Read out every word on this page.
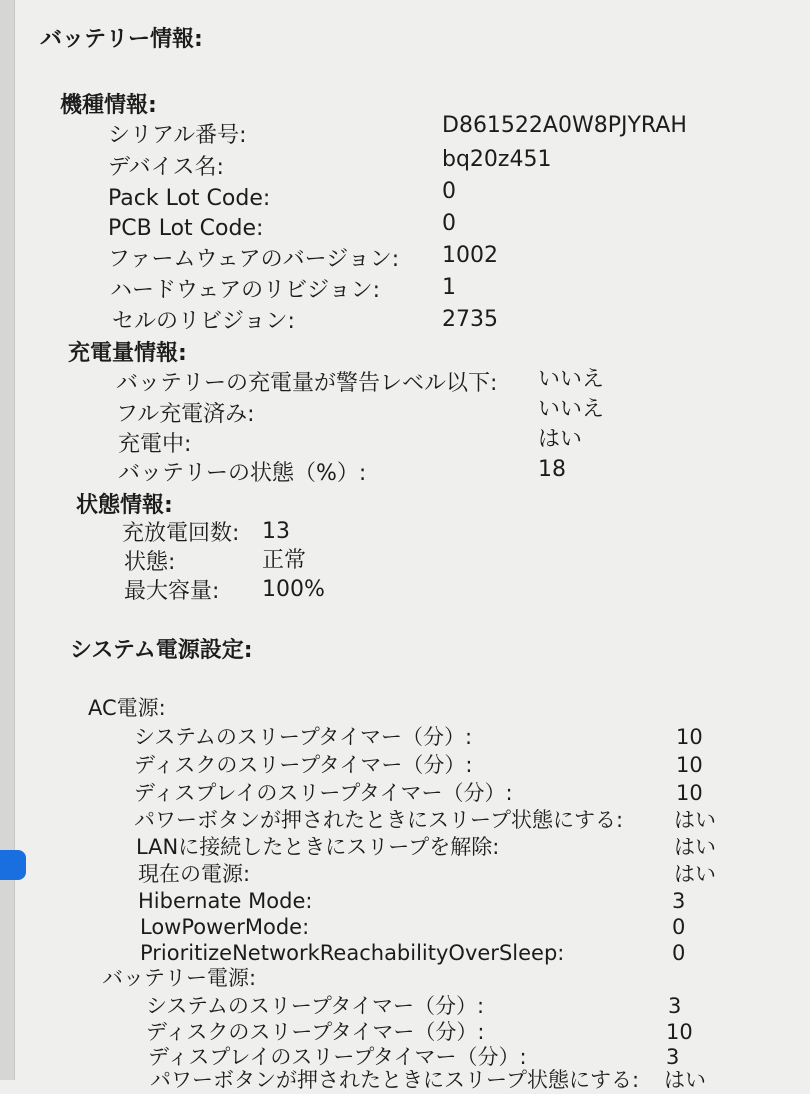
バッテリー情報:
機種情報:
シリアル番号:	D861522A0W8PJYRAH
デバイス名:	bq20z451
Pack Lot Code:	0
PCB Lot Code:	0
ファームウェアのバージョン: 1002
ハードウェアのリビジョン:	1
セルのリビジョン:	2735
充電量情報:
バッテリーの充電量が警告レベル以下: いいえ
フル充電済み:	いいえ
充電中:	はい
バッテリーの状態（%）:	18
状態情報:
充放電回数: 13
状態:	正常
最大容量: 100%
システム電源設定:
AC電源:
システムのスリープタイマー（分）:	10
ディスクのスリープタイマー（分）:	10
ディスプレイのスリープタイマー（分）:	10
パワーボタンが押されたときにスリープ状態にする: はい
LANに接続したときにスリープを解除:	はい
現在の電源:	はい
Hibernate Mode:	3
LowPowerMode:	0
PrioritizeNetworkReachabilityOverSleep:	0
バッテリー電源:
システムのスリープタイマー（分）:	3
ディスクのスリープタイマー（分）:	10
ディスプレイのスリープタイマー（分）:	3
パワーボタンが押されたときにスリープ状態にする: はい
